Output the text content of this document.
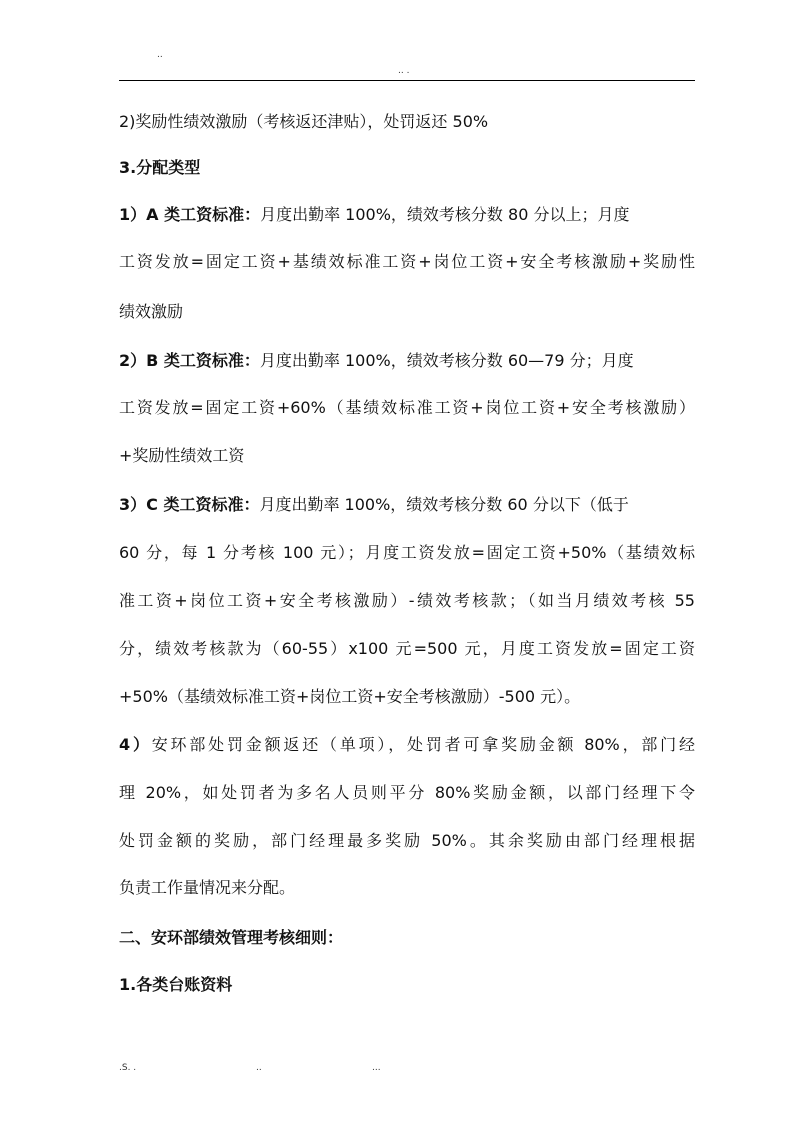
..
.. .
2)奖励性绩效激励（考核返还津贴），处罚返还 50%
3.分配类型
1）A 类工资标准：月度出勤率 100%，绩效考核分数 80 分以上；月度
工资发放=固定工资+基绩效标准工资+岗位工资+安全考核激励+奖励性
绩效激励
2）B 类工资标准：月度出勤率 100%，绩效考核分数 60—79 分；月度
工资发放=固定工资+60%（基绩效标准工资+岗位工资+安全考核激励）
+奖励性绩效工资
3）C 类工资标准：月度出勤率 100%，绩效考核分数 60 分以下（低于
60 分，每 1 分考核 100 元）；月度工资发放=固定工资+50%（基绩效标
准工资+岗位工资+安全考核激励）-绩效考核款；（如当月绩效考核 55
分，绩效考核款为（60-55）x100 元=500 元，月度工资发放=固定工资
+50%（基绩效标准工资+岗位工资+安全考核激励）-500 元）。
4）安环部处罚金额返还（单项），处罚者可拿奖励金额 80%，部门经
理 20%，如处罚者为多名人员则平分 80%奖励金额，以部门经理下令
处罚金额的奖励，部门经理最多奖励 50%。其余奖励由部门经理根据
负责工作量情况来分配。
二、安环部绩效管理考核细则：
1.各类台账资料
.S. .	..	...
